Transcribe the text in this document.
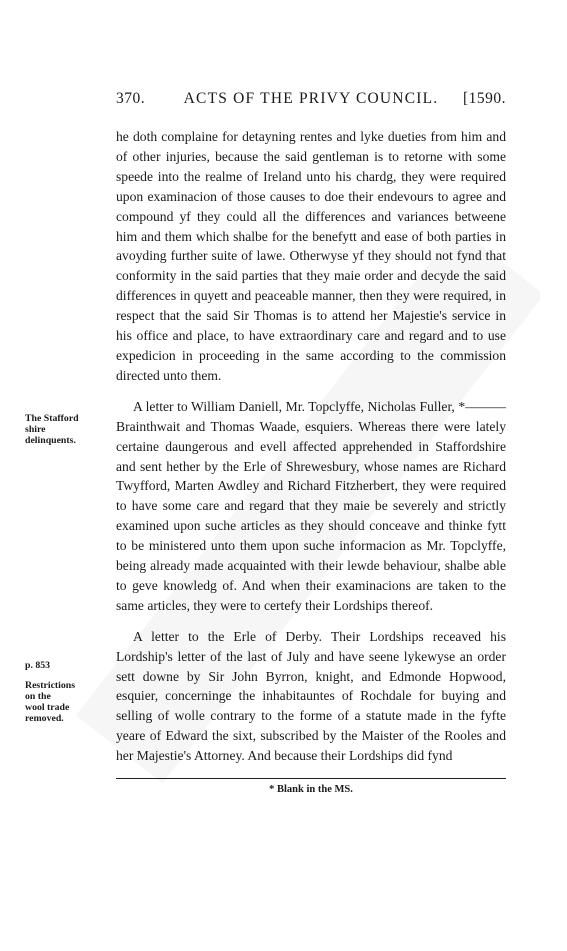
370.	ACTS OF THE PRIVY COUNCIL.	[1590.

he doth complaine for detayning rentes and lyke dueties from him and of other injuries, because the said gentleman is to retorne with some speede into the realme of Ireland unto his chardg, they were required upon examinacion of those causes to doe their endevours to agree and compound yf they could all the differences and variances betweene him and them which shalbe for the benefytt and ease of both parties in avoyding further suite of lawe. Otherwyse yf they should not fynd that conformity in the said parties that they maie order and decyde the said differences in quyett and peaceable manner, then they were required, in respect that the said Sir Thomas is to attend her Majestie's service in his office and place, to have extraordinary care and regard and to use expedicion in proceeding in the same according to the commission directed unto them.

A letter to William Daniell, Mr. Topclyffe, Nicholas Fuller, *——— Brainthwait and Thomas Waade, esquiers. Whereas there were lately certaine daungerous and evell affected apprehended in Staffordshire and sent hether by the Erle of Shrewesbury, whose names are Richard Twyfford, Marten Awdley and Richard Fitzherbert, they were required to have some care and regard that they maie be severely and strictly examined upon suche articles as they should conceave and thinke fytt to be ministered unto them upon suche informacion as Mr. Topclyffe, being already made acquainted with their lewde behaviour, shalbe able to geve knowledg of. And when their examinacions are taken to the same articles, they were to certefy their Lordships thereof.

A letter to the Erle of Derby. Their Lordships receaved his Lordship's letter of the last of July and have seene lykewyse an order sett downe by Sir John Byrron, knight, and Edmonde Hopwood, esquier, concerninge the inhabitauntes of Rochdale for buying and selling of wolle contrary to the forme of a statute made in the fyfte yeare of Edward the sixt, subscribed by the Maister of the Rooles and her Majestie's Attorney. And because their Lordships did fynd

The Stafford
shire
delinquents.
p. 853
Restrictions
on the
wool trade
removed.
* Blank in the MS.
